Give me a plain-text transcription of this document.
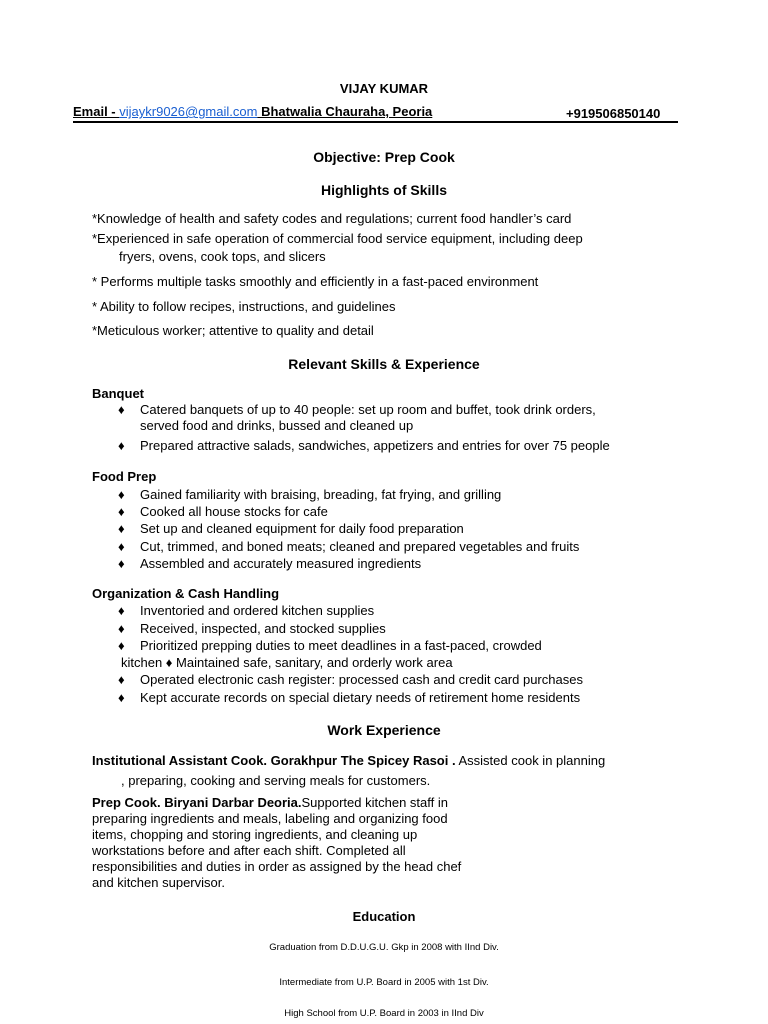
VIJAY KUMAR
Email - vijaykr9026@gmail.com Bhatwalia Chauraha, Peoria	+919506850140
Objective: Prep Cook
Highlights of Skills
*Knowledge of health and safety codes and regulations; current food handler’s card
*Experienced in safe operation of commercial food service equipment, including deep
fryers, ovens, cook tops, and slicers
* Performs multiple tasks smoothly and efficiently in a fast-paced environment
* Ability to follow recipes, instructions, and guidelines
*Meticulous worker; attentive to quality and detail
Relevant Skills & Experience
Banquet
♦ Catered banquets of up to 40 people: set up room and buffet, took drink orders,
served food and drinks, bussed and cleaned up
♦ Prepared attractive salads, sandwiches, appetizers and entries for over 75 people
Food Prep
♦ Gained familiarity with braising, breading, fat frying, and grilling
♦ Cooked all house stocks for cafe
♦ Set up and cleaned equipment for daily food preparation
♦ Cut, trimmed, and boned meats; cleaned and prepared vegetables and fruits
♦ Assembled and accurately measured ingredients
Organization & Cash Handling
♦ Inventoried and ordered kitchen supplies
♦ Received, inspected, and stocked supplies
♦ Prioritized prepping duties to meet deadlines in a fast-paced, crowded
kitchen ♦ Maintained safe, sanitary, and orderly work area
♦ Operated electronic cash register: processed cash and credit card purchases
♦ Kept accurate records on special dietary needs of retirement home residents
Work Experience
Institutional Assistant Cook. Gorakhpur The Spicey Rasoi . Assisted cook in planning
, preparing, cooking and serving meals for customers.
Prep Cook. Biryani Darbar Deoria.Supported kitchen staff in
preparing ingredients and meals, labeling and organizing food
items, chopping and storing ingredients, and cleaning up
workstations before and after each shift. Completed all
responsibilities and duties in order as assigned by the head chef
and kitchen supervisor.
Education
Graduation from D.D.U.G.U. Gkp in 2008 with IInd Div.
Intermediate from U.P. Board in 2005 with 1st Div.
High School from U.P. Board in 2003 in IInd Div
